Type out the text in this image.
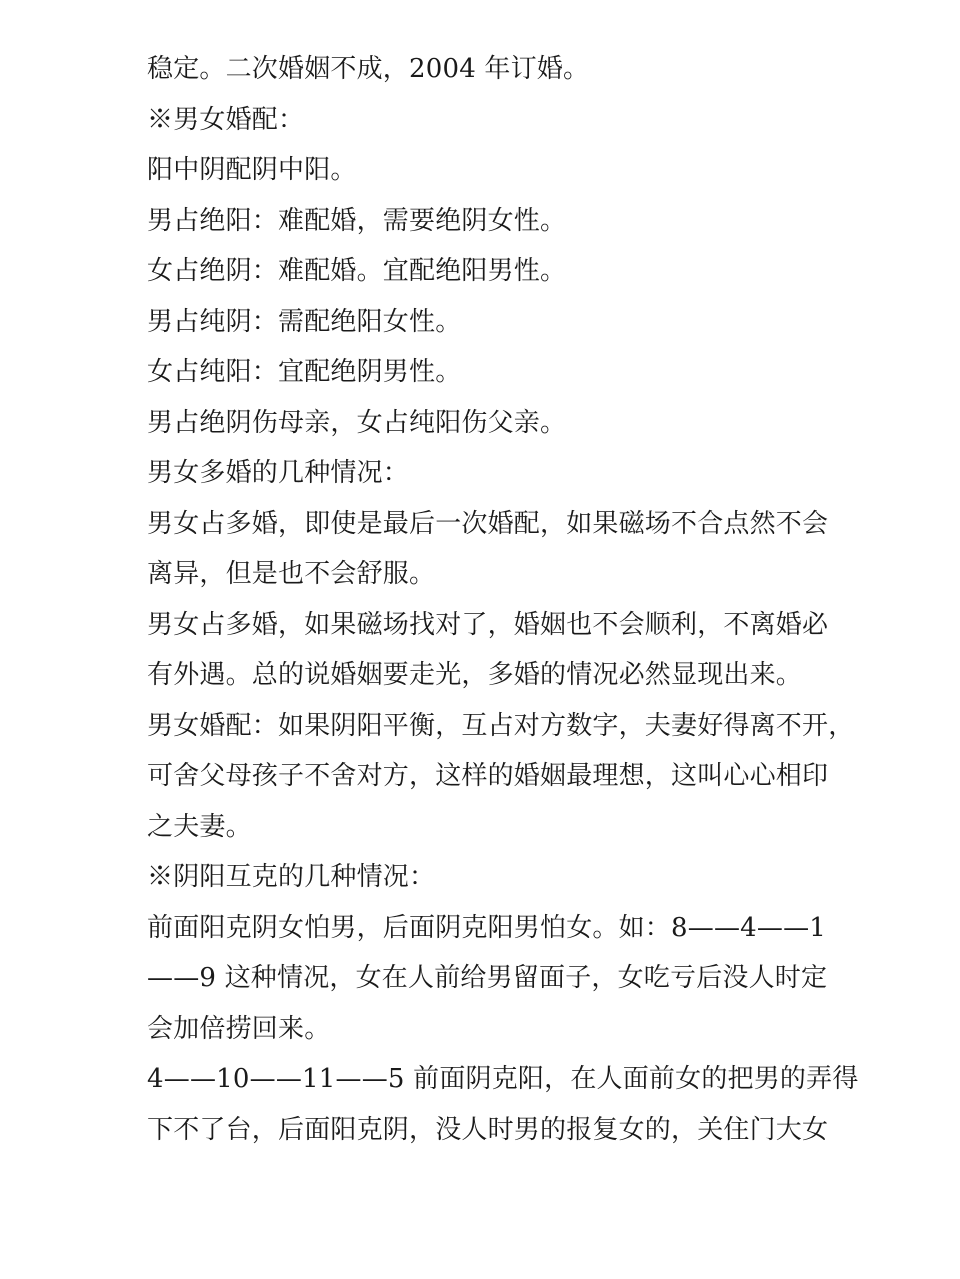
稳定。二次婚姻不成，2004 年订婚。
※男女婚配：
阳中阴配阴中阳。
男占绝阳：难配婚，需要绝阴女性。
女占绝阴：难配婚。宜配绝阳男性。
男占纯阴：需配绝阳女性。
女占纯阳：宜配绝阴男性。
男占绝阴伤母亲，女占纯阳伤父亲。
男女多婚的几种情况：
男女占多婚，即使是最后一次婚配，如果磁场不合点然不会
离异，但是也不会舒服。
男女占多婚，如果磁场找对了，婚姻也不会顺利，不离婚必
有外遇。总的说婚姻要走光，多婚的情况必然显现出来。
男女婚配：如果阴阳平衡，互占对方数字，夫妻好得离不开，
可舍父母孩子不舍对方，这样的婚姻最理想，这叫心心相印
之夫妻。
※阴阳互克的几种情况：
前面阳克阴女怕男，后面阴克阳男怕女。如：8——4——1
——9 这种情况，女在人前给男留面子，女吃亏后没人时定
会加倍捞回来。
4——10——11——5 前面阴克阳，在人面前女的把男的弄得
下不了台，后面阳克阴，没人时男的报复女的，关住门大女
